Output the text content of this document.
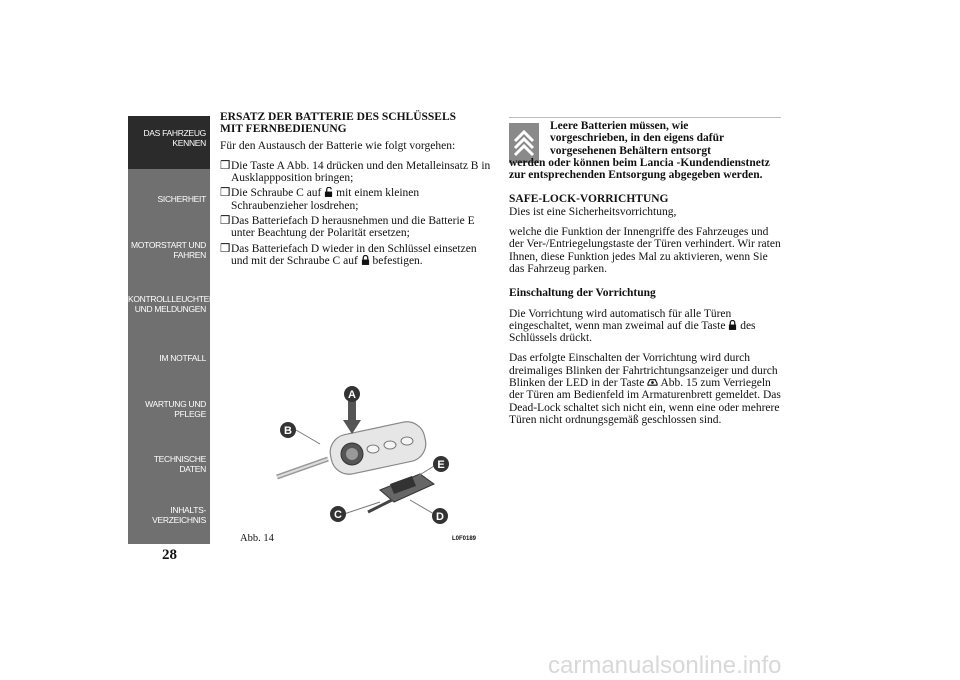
DAS FAHRZEUG
KENNEN
SICHERHEIT
MOTORSTART UND
FAHREN
KONTROLLLEUCHTEN
UND MELDUNGEN
IM NOTFALL
WARTUNG UND
PFLEGE
TECHNISCHE
DATEN
INHALTS-
VERZEICHNIS
28
ERSATZ DER BATTERIE DES SCHLÜSSELS
MIT FERNBEDIENUNG

Für den Austausch der Batterie wie folgt vorgehen:

❒ Die Taste A Abb. 14 drücken und den Metalleinsatz B in Ausklappposition bringen;
❒ Die Schraube C auf mit einem kleinen Schraubenzieher losdrehen;
❒ Das Batteriefach D herausnehmen und die Batterie E unter Beachtung der Polarität ersetzen;
❒ Das Batteriefach D wieder in den Schlüssel einsetzen und mit der Schraube C auf befestigen.
A
B
C	D
E
Abb. 14	L0F0189
Leere Batterien müssen, wie
vorgeschrieben, in den eigens dafür
vorgesehenen Behältern entsorgt
werden oder können beim Lancia -Kundendienstnetz zur entsprechenden Entsorgung abgegeben werden.
SAFE-LOCK-VORRICHTUNG

Dies ist eine Sicherheitsvorrichtung,

welche die Funktion der Innengriffe des Fahrzeuges und der Ver-/Entriegelungstaste der Türen verhindert. Wir raten Ihnen, diese Funktion jedes Mal zu aktivieren, wenn Sie das Fahrzeug parken.

Einschaltung der Vorrichtung

Die Vorrichtung wird automatisch für alle Türen eingeschaltet, wenn man zweimal auf die Taste des Schlüssels drückt.

Das erfolgte Einschalten der Vorrichtung wird durch dreimaliges Blinken der Fahrtrichtungsanzeiger und durch Blinken der LED in der Taste Abb. 15 zum Verriegeln der Türen am Bedienfeld im Armaturenbrett gemeldet. Das Dead-Lock schaltet sich nicht ein, wenn eine oder mehrere Türen nicht ordnungsgemäß geschlossen sind.

carmanualsonline.info
